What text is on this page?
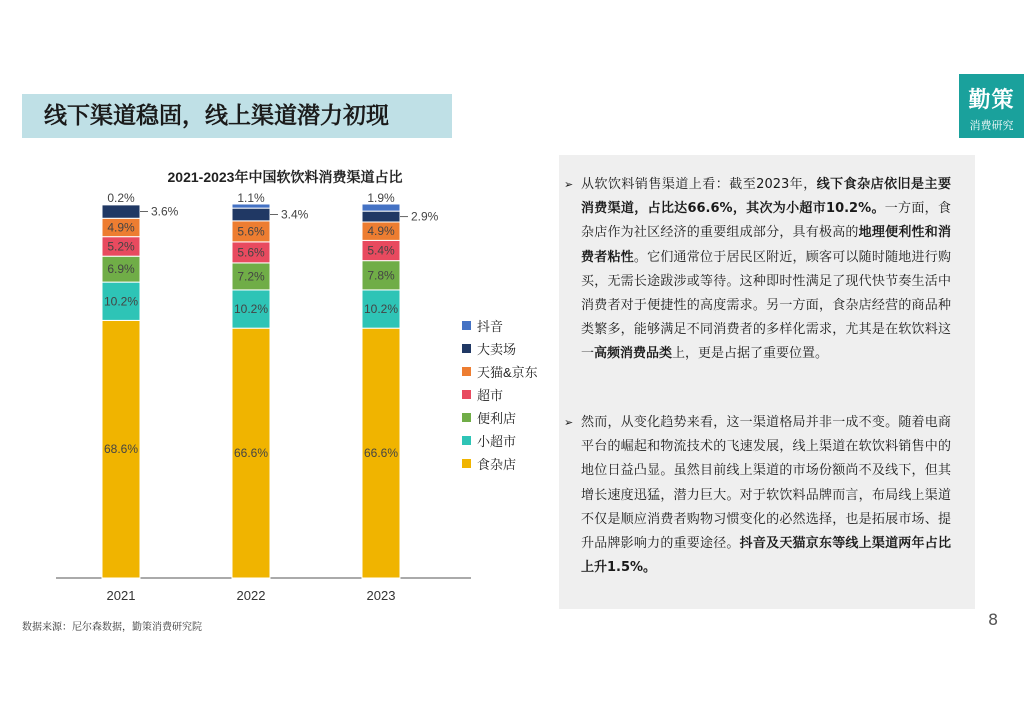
线下渠道稳固，线上渠道潜力初现
勤策
消费研究
2021-2023年中国软饮料消费渠道占比
68.6%
10.2%
6.9%
5.2%
4.9%
3.6%
0.2%
2021
66.6%
10.2%
7.2%
5.6%
5.6%
3.4%
1.1%
2022
66.6%
10.2%
7.8%
5.4%
4.9%
2.9%
1.9%
2023
抖音
大卖场
天猫&京东
超市
便利店
小超市
食杂店
➢ 从软饮料销售渠道上看：截至2023年，线下食杂店依旧是主要消费渠道，占比达66.6%，其次为小超市10.2%。一方面，食杂店作为社区经济的重要组成部分，具有极高的地理便利性和消费者粘性。它们通常位于居民区附近，顾客可以随时随地进行购买，无需长途跋涉或等待。这种即时性满足了现代快节奏生活中消费者对于便捷性的高度需求。另一方面，食杂店经营的商品种类繁多，能够满足不同消费者的多样化需求，尤其是在软饮料这一高频消费品类上，更是占据了重要位置。
➢ 然而，从变化趋势来看，这一渠道格局并非一成不变。随着电商平台的崛起和物流技术的飞速发展，线上渠道在软饮料销售中的地位日益凸显。虽然目前线上渠道的市场份额尚不及线下，但其增长速度迅猛，潜力巨大。对于软饮料品牌而言，布局线上渠道不仅是顺应消费者购物习惯变化的必然选择，也是拓展市场、提升品牌影响力的重要途径。抖音及天猫京东等线上渠道两年占比上升1.5%。
数据来源：尼尔森数据，勤策消费研究院	8
